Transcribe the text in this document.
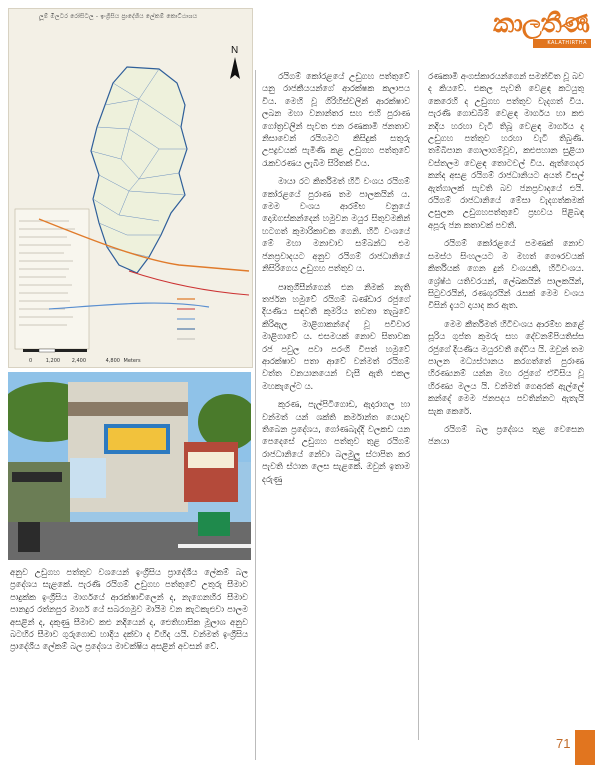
ලූම් මිලටර රෝසිටල - ඉංග්‍රීසිය ප්‍රාදේශීය ලේකම් කොට්ඨාශය
N
0	1,200 2,400	4,800 Meters
කාලතීර්‍ණ
KALATHIRTHA

රයිගම් කෝරළයේ උඩුගහ පත්තුවේ යනු රාජකීයයන්ගේ ආරක්ෂක කලාපය විය. මෙහි වූ ගිරිහිස්වලින් ආරක්ෂාව ලබන මහා වනාන්තර සහ එහි පුරාණ ගෝත්‍රවලින් පැවත එන රණකාමී ජනතාව නිසාවෙන් රයිගමට කිසිදුක් සතුරු උපද්‍රවයක් පැමිණි කළ උඩුගහ පත්තුවේ රැකවරණය ලැබීම සිරිතක් විය.

මායා රට කිර්තිමත් හිටි වංශය රයිගම් කෝරළයේ පුරාණ තම පාලකයින් ය. මෙම වංශය ආරම්භ වනුයේ දොඹගස්කන්දෙන් හමුවන මයුර සිතුවමකින් හටගත් කුමාරිකාවක ගෙනි. හිටි වංශයේ මේ මහා මනාවාව සම්බන්ධ එම ජනප්‍රවාදයට අනුව රයිගම් රාජධානියේ නිසිරිගෙය උඩුගහ පත්තුව ය.

පෘතුගීසීන්ගෙන් එන නිමක් නැති තර්ජන හමුවේ රයිගම් බණ්ඩාර රජුගේ දියණිය සඳවතී කුමරිය තවතා තැබුවේ කිරිඇල මාළිගාකන්දේ වූ පවිවාර මාළිගාවේ ය. එසමයක් නොව සිතාවක රජ පවුල පවා පරංගි විපත් හමුවේ ආරක්ෂාව පතා ආවේ වන්මත් රයිගම් වත්ත වනයානයෙන් වැසී ඇති එකල මහකැලේට ය.

කුරණ, පැල්පිටිගොඩ, ඇදාරාගල හා වන්මත් යන් ශක්ති කර්මාන්ත යොදාව තිබෙන ප්‍රදේශය, ගෝණබැද්දි වලකඩ යන පෙදෙසේ උඩුගහ පත්තුව තුළ රයිගම් රාජධානියේ නේවා බලමුලු ස්ථාපිත කර පැවති ස්ථාන ලෙස සැළකේ. ඔවුන් ඉතාම දරුණු

රණකාමී අංගස්කාරයන්ගෙන් සමන්විත වූ බව ද කියවේ. එකල පැවති වෙළඳ කටයුතු කෙරෙහි ද උඩුගහ පත්තුව වැදගත් විය. පැරණි ගොඩබිම් වෙළඳ මාර්ගය හා කළු නදිය හරහා වැටී තිබූ වෙළඳ මාර්ගය ද උඩුගහ පත්තුව හරහා වැටී තිබුණි. තම්බිපාන ගොලාගම්වූව, කළුපහාන සුළියා වස්තලම වෙළඳ තොටවල් විය. ඇත්ගෙදර කන්ද අසළ රයිගම් රාජධානියට අයත් විසල් ඇත්ගාලක් පැවති බව ජනප්‍රවාදයේ එයි. රයිගම් රාජධානියේ මේසා වැදගත්කමක් උසුලන උඩුගහපත්තුවේ ප්‍රභවය පිළිබඳ අපූරු ජන කතාවක් පවතී.

රයිගම් කෝරළයේ පමණක් නොව සමස්ථ සිංහලයට ම මහත් ගෞරවයක් කිර්තියක් ගෙන දුන් වංශයකි, හිටිවංශය. ශ්‍රේෂ්ඨ යතිවරයන්, ලේඛකයින් පාලකයින්, සිටුවරයින්, රණශූරයින් රැසක් මෙම වංශය විසින් දැයට දායාද කර ඇත.

මෙම කීර්තිමත් හිටිවංශය ආරම්භ කළේ සූරිය ගුප්ත කුමරු සහ දේවනම්පියතිස්ස රජුගේ දියණිය මයුරවතී දේවිය යි. ඔවුන් තම පාලන මධ්‍යස්ථානය කරගත්තේ පුරාණ හිරණ්‍යනම් යන්න මහ රජුගේ ඒවිසිය වූ හිරණ්‍ය මලය යි. වන්මත් ගෙඅරක් ඇල්ලේ කන්දේ මෙම ජනපදය පවතින්නට ඇතැයි සැක කෙරේ.

රයිගම් බල ප්‍රදේශය තුළ වෙසෙන ජනයා

අනුව උඩුගහ පත්තුව වශයෙන් ඉංග්‍රීසිය ප්‍රාදේශීය ලේකම් බල ප්‍රදේශය සැළකේ. පැරණි රයිගම් උඩුගහ පත්තුවේ උතුරු සීමාව පාදුක්ක ඉංග්‍රීසිය මාර්ගයේ ආරක්ෂාවිලෙන් ද, නැගෙනහිර සීමාව පානදුර රත්නපුර මාර්ග යේ සබරගමුව මායිම වන කැටකැළුවා පාලම අසළින් ද, දකුණු සීමාව කළු නදියෙන් ද, ඓතිහාසික මූලාශ අනුව බටහිර සීමාව ගුරුගොඩ හාදිය දක්වා ද විහිද යයි. වන්මත් ඉංග්‍රීසිය ප්‍රාදේශීය ලේකම් බල ප්‍රදේශය මාවක්ෂිය අසළින් අවසන් වේ.

71
